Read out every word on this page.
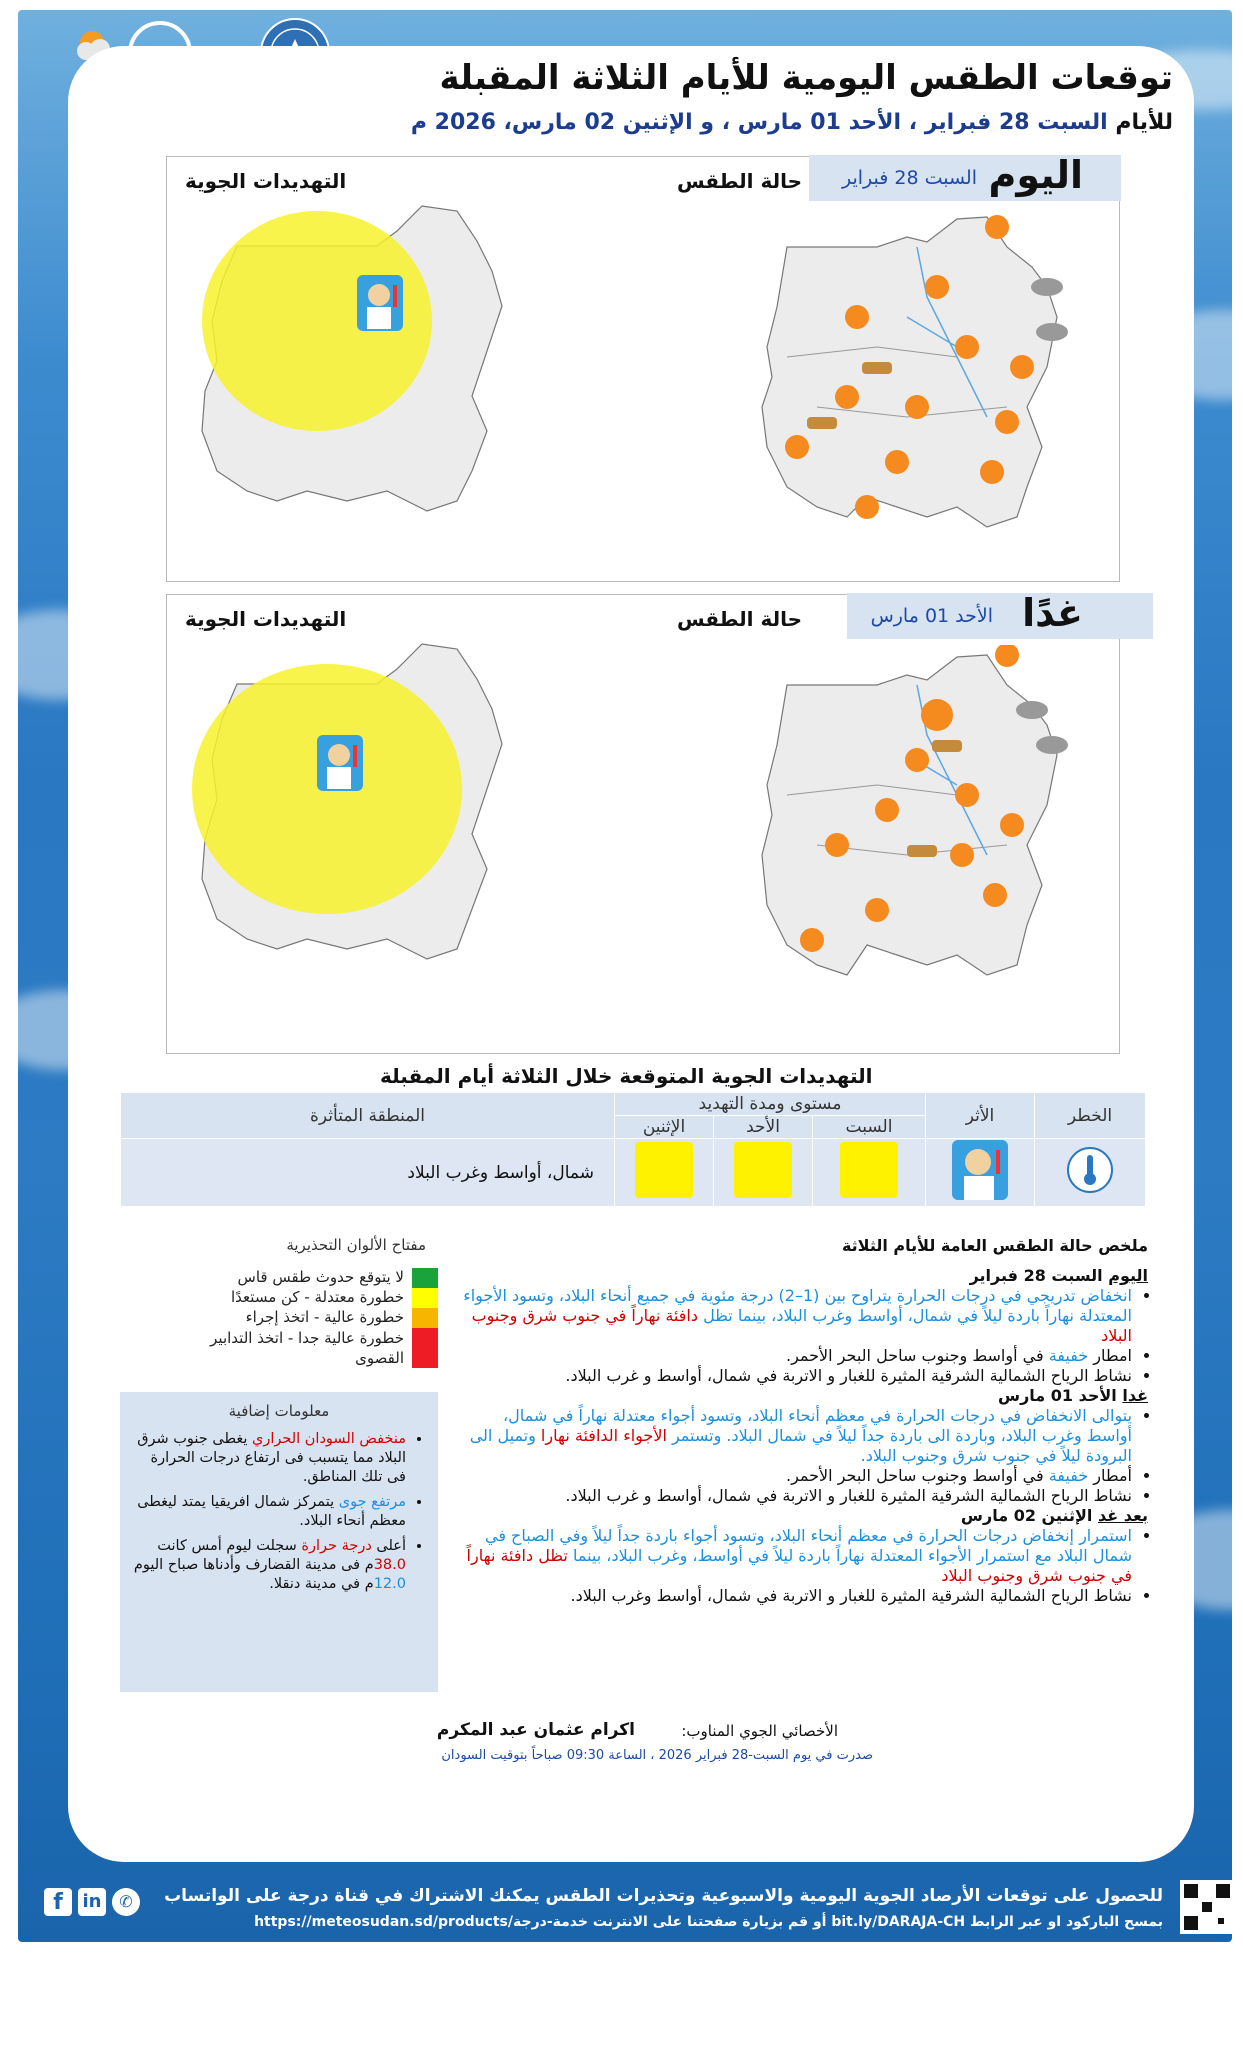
توقعات الطقس اليومية للأيام الثلاثة المقبلة
للأيام السبت 28 فبراير ، الأحد 01 مارس ، و الإثنين 02 مارس، 2026 م
اليوم
السبت 28 فبراير
حالة الطقس
التهديدات الجوية
غدًا
الأحد 01 مارس
حالة الطقس
التهديدات الجوية
التهديدات الجوية المتوقعة خلال الثلاثة أيام المقبلة
الخطر	الأثر	مستوى ومدة التهديد			المنطقة المتأثرة
		السبت	الأحد	الإثنين	
					شمال، أواسط وغرب البلاد
مفتاح الألوان التحذيرية
لا يتوقع حدوث طقس قاس
خطورة معتدلة - كن مستعدًا
خطورة عالية - اتخذ إجراء
خطورة عالية جدا - اتخذ التدابير القصوى
معلومات إضافية
• منخفض السودان الحراري يغطى جنوب شرق البلاد مما يتسبب فى ارتفاع درجات الحرارة فى تلك المناطق.
• مرتفع جوى يتمركز شمال افريقيا يمتد ليغطى معظم أنحاء البلاد.
• أعلى درجة حرارة سجلت ليوم أمس كانت 38.0م فى مدينة القضارف وأدناها صباح اليوم 12.0م في مدينة دنقلا.
ملخص حالة الطقس العامة للأيام الثلاثة
اليوم السبت 28 فبراير
• انخفاض تدريجي في درجات الحرارة يتراوح بين (1–2) درجة مئوية في جميع أنحاء البلاد، وتسود الأجواء المعتدلة نهاراً باردة ليلاً في شمال، أواسط وغرب البلاد، بينما تظل دافئة نهاراً في جنوب شرق وجنوب البلاد
• امطار خفيفة في أواسط وجنوب ساحل البحر الأحمر.
• نشاط الرياح الشمالية الشرقية المثيرة للغبار و الاتربة في شمال، أواسط و غرب البلاد.
غدا الأحد 01 مارس
• يتوالى الانخفاض في درجات الحرارة في معظم أنحاء البلاد، وتسود أجواء معتدلة نهاراً في شمال، أواسط وغرب البلاد، وباردة الى باردة جداً ليلاً في شمال البلاد. وتستمر الأجواء الدافئة نهارا وتميل الى البرودة ليلاً في جنوب شرق وجنوب البلاد.
• أمطار خفيفة في أواسط وجنوب ساحل البحر الأحمر.
• نشاط الرياح الشمالية الشرقية المثيرة للغبار و الاتربة في شمال، أواسط و غرب البلاد.
بعد غد الإثنين 02 مارس
• استمرار إنخفاض درجات الحرارة في معظم أنحاء البلاد، وتسود أجواء باردة جداً ليلاً وفي الصباح في شمال البلاد مع استمرار الأجواء المعتدلة نهاراً باردة ليلاً في أواسط، وغرب البلاد، بينما تظل دافئة نهاراً في جنوب شرق وجنوب البلاد
• نشاط الرياح الشمالية الشرقية المثيرة للغبار و الاتربة في شمال، أواسط وغرب البلاد.
الأخصائي الجوي المناوب:
اكرام عثمان عبد المكرم
صدرت في يوم السبت-28 فبراير 2026 ، الساعة 09:30 صباحاً بتوقيت السودان
للحصول على توقعات الأرصاد الجوية اليومية والاسبوعية وتحذيرات الطقس يمكنك الاشتراك في قناة درجة على الواتساب
بمسح الباركود او عبر الرابط bit.ly/DARAJA-CH أو قم بزيارة صفحتنا على الانترنت خدمة-درجة/https://meteosudan.sd/products
f	in	✆
